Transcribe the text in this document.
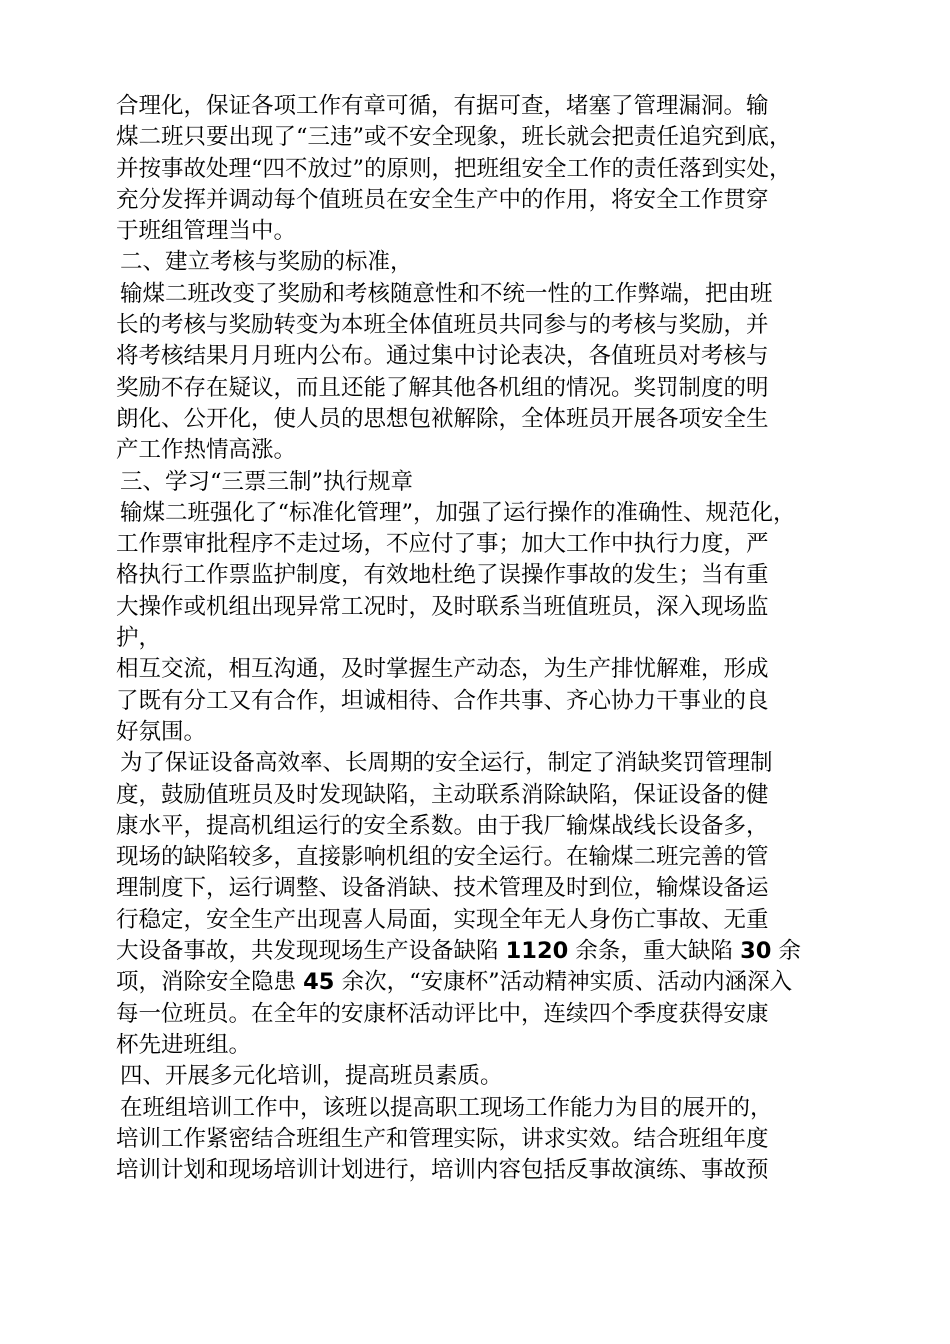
合理化，保证各项工作有章可循，有据可查，堵塞了管理漏洞。输
煤二班只要出现了“三违”或不安全现象，班长就会把责任追究到底，
并按事故处理“四不放过”的原则，把班组安全工作的责任落到实处，
充分发挥并调动每个值班员在安全生产中的作用，将安全工作贯穿
于班组管理当中。
二、建立考核与奖励的标准，
输煤二班改变了奖励和考核随意性和不统一性的工作弊端，把由班
长的考核与奖励转变为本班全体值班员共同参与的考核与奖励，并
将考核结果月月班内公布。通过集中讨论表决，各值班员对考核与
奖励不存在疑议，而且还能了解其他各机组的情况。奖罚制度的明
朗化、公开化，使人员的思想包袱解除，全体班员开展各项安全生
产工作热情高涨。
三、学习“三票三制”执行规章
输煤二班强化了“标准化管理”，加强了运行操作的准确性、规范化，
工作票审批程序不走过场，不应付了事；加大工作中执行力度，严
格执行工作票监护制度，有效地杜绝了误操作事故的发生；当有重
大操作或机组出现异常工况时，及时联系当班值班员，深入现场监
护，
相互交流，相互沟通，及时掌握生产动态，为生产排忧解难，形成
了既有分工又有合作，坦诚相待、合作共事、齐心协力干事业的良
好氛围。
为了保证设备高效率、长周期的安全运行，制定了消缺奖罚管理制
度，鼓励值班员及时发现缺陷，主动联系消除缺陷，保证设备的健
康水平，提高机组运行的安全系数。由于我厂输煤战线长设备多，
现场的缺陷较多，直接影响机组的安全运行。在输煤二班完善的管
理制度下，运行调整、设备消缺、技术管理及时到位，输煤设备运
行稳定，安全生产出现喜人局面，实现全年无人身伤亡事故、无重
大设备事故，共发现现场生产设备缺陷 1120 余条，重大缺陷 30 余
项，消除安全隐患 45 余次，“安康杯”活动精神实质、活动内涵深入
每一位班员。在全年的安康杯活动评比中，连续四个季度获得安康
杯先进班组。
四、开展多元化培训，提高班员素质。
在班组培训工作中，该班以提高职工现场工作能力为目的展开的，
培训工作紧密结合班组生产和管理实际，讲求实效。结合班组年度
培训计划和现场培训计划进行，培训内容包括反事故演练、事故预
